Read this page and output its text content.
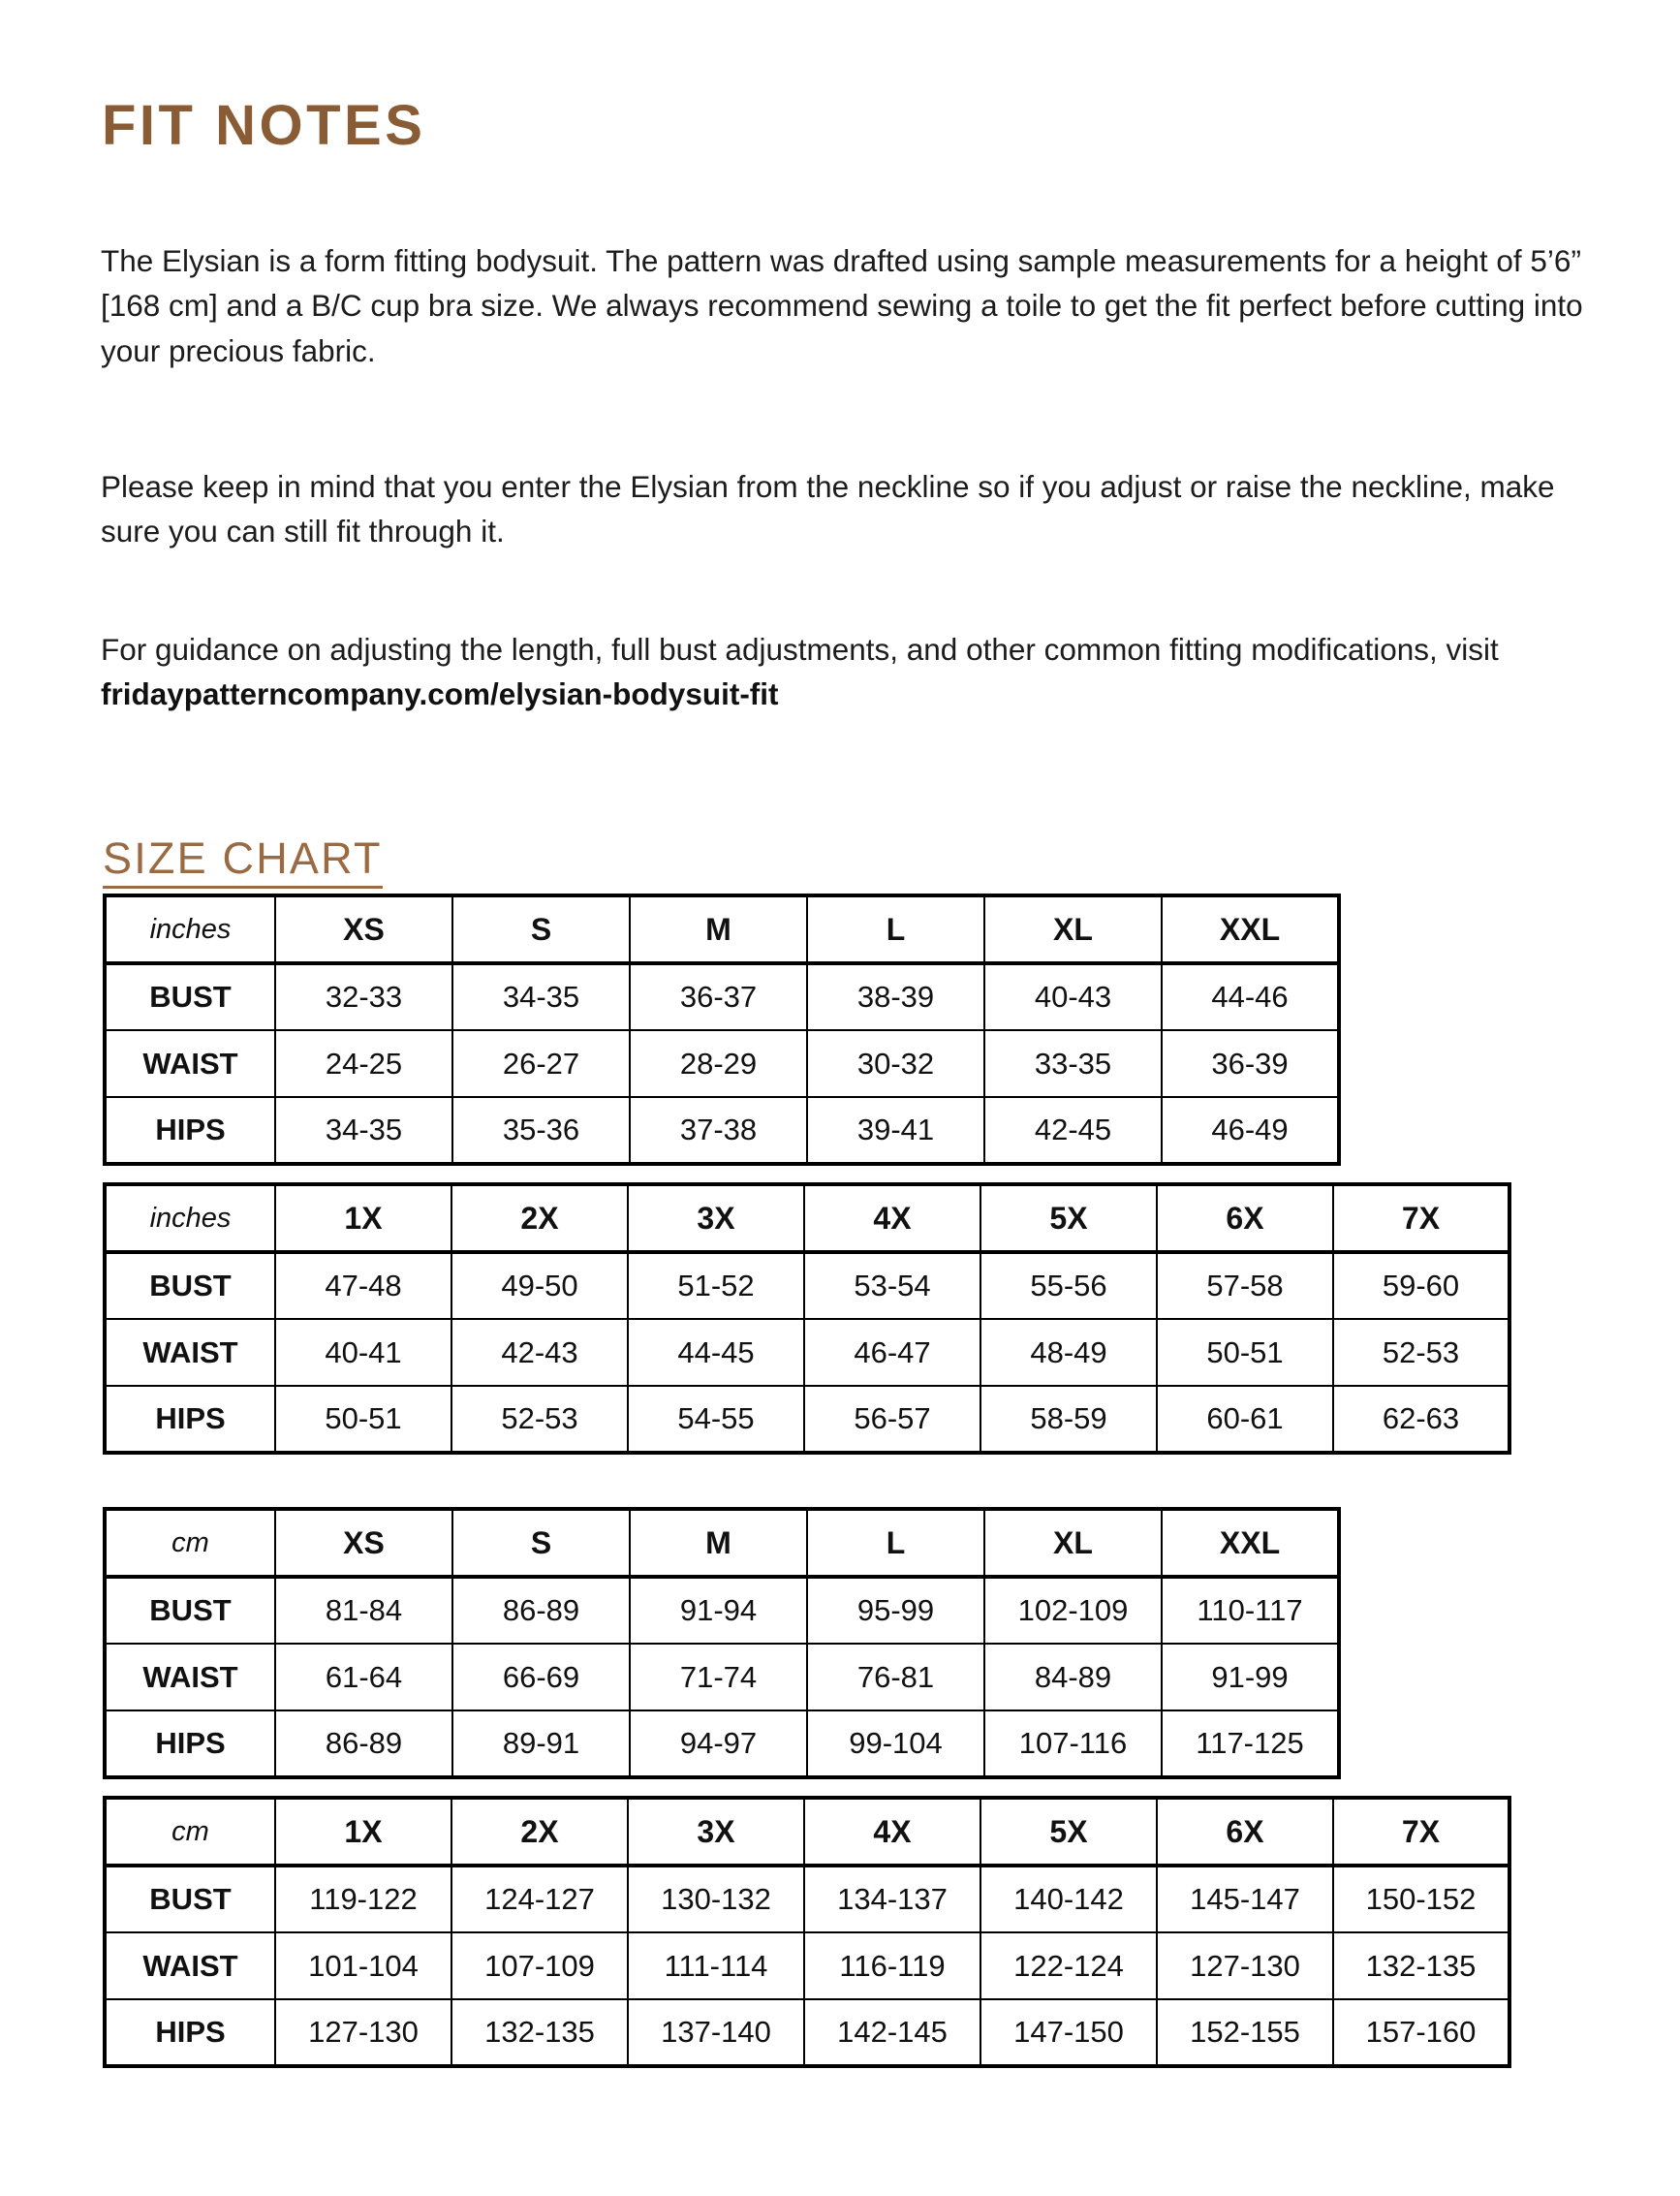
FIT NOTES

The Elysian is a form fitting bodysuit. The pattern was drafted using sample measurements for a height of 5’6” [168 cm] and a B/C cup bra size. We always recommend sewing a toile to get the fit perfect before cutting into your precious fabric.

Please keep in mind that you enter the Elysian from the neckline so if you adjust or raise the neckline, make sure you can still fit through it.

For guidance on adjusting the length, full bust adjustments, and other common fitting modifications, visit fridaypatterncompany.com/elysian-bodysuit-fit

SIZE CHART
inches	XS	S	M	L	XL	XXL
BUST	32-33	34-35	36-37	38-39	40-43	44-46
WAIST	24-25	26-27	28-29	30-32	33-35	36-39
HIPS	34-35	35-36	37-38	39-41	42-45	46-49
inches	1X	2X	3X	4X	5X	6X	7X
BUST	47-48	49-50	51-52	53-54	55-56	57-58	59-60
WAIST	40-41	42-43	44-45	46-47	48-49	50-51	52-53
HIPS	50-51	52-53	54-55	56-57	58-59	60-61	62-63
cm	XS	S	M	L	XL	XXL
BUST	81-84	86-89	91-94	95-99	102-109	110-117
WAIST	61-64	66-69	71-74	76-81	84-89	91-99
HIPS	86-89	89-91	94-97	99-104	107-116	117-125
cm	1X	2X	3X	4X	5X	6X	7X
BUST	119-122	124-127	130-132	134-137	140-142	145-147	150-152
WAIST	101-104	107-109	111-114	116-119	122-124	127-130	132-135
HIPS	127-130	132-135	137-140	142-145	147-150	152-155	157-160
